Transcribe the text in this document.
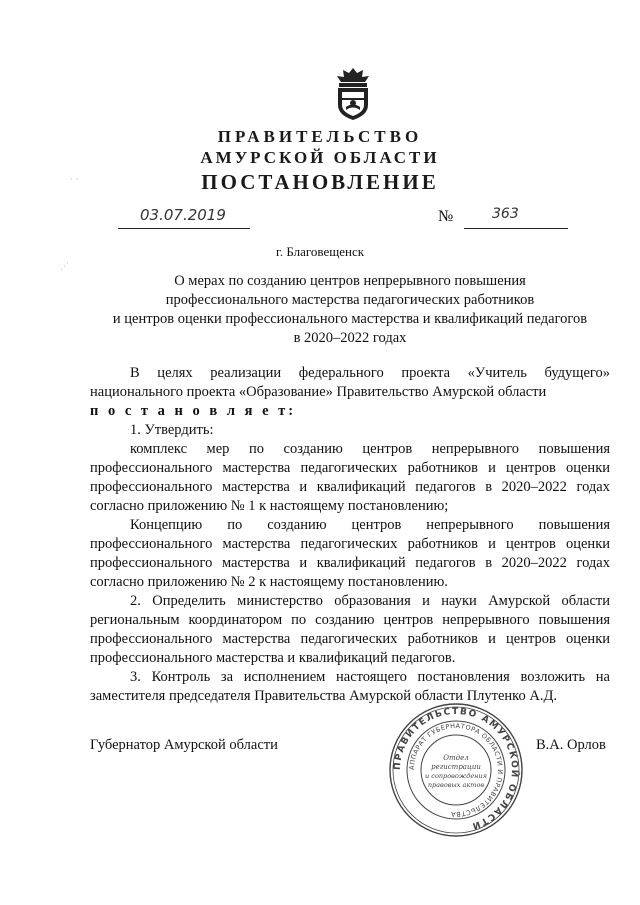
ПРАВИТЕЛЬСТВО
АМУРСКОЙ ОБЛАСТИ
ПОСТАНОВЛЕНИЕ
03.07.2019	№	363
г. Благовещенск
О мерах по созданию центров непрерывного повышения
профессионального мастерства педагогических работников
и центров оценки профессионального мастерства и квалификаций педагогов
в 2020–2022 годах
В целях реализации федерального проекта «Учитель будущего»
национального проекта «Образование» Правительство Амурской области
п о с т а н о в л я е т:
1. Утвердить:
комплекс мер по созданию центров непрерывного повышения
профессионального мастерства педагогических работников и центров оценки
профессионального мастерства и квалификаций педагогов в 2020–2022 годах
согласно приложению № 1 к настоящему постановлению;
Концепцию по созданию центров непрерывного повышения
профессионального мастерства педагогических работников и центров оценки
профессионального мастерства и квалификаций педагогов в 2020–2022 годах
согласно приложению № 2 к настоящему постановлению.
2. Определить министерство образования и науки Амурской области
региональным координатором по созданию центров непрерывного повышения
профессионального мастерства педагогических работников и центров оценки
профессионального мастерства и квалификаций педагогов.
3. Контроль за исполнением настоящего постановления возложить на
заместителя председателя Правительства Амурской области Плутенко А.Д.
Губернатор Амурской области	В.А. Орлов
ПРАВИТЕЛЬСТВО АМУРСКОЙ ОБЛАСТИ
АППАРАТ ГУБЕРНАТОРА ОБЛАСТИ И ПРАВИТЕЛЬСТВА
Отдел
регистрации
и сопровождения
правовых актов
· ·
⋰
